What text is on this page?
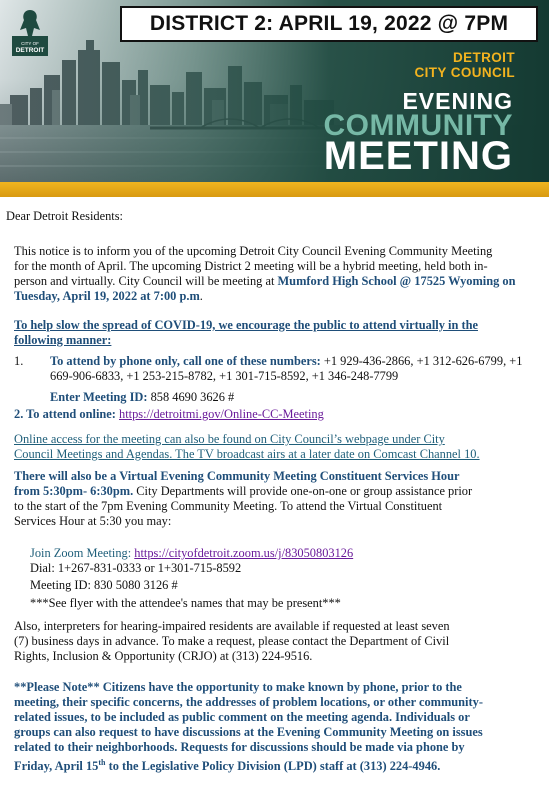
CITY OF
DETROIT
DISTRICT 2: APRIL 19, 2022 @ 7PM
DETROIT
CITY COUNCIL
EVENING
COMMUNITY
MEETING
Dear Detroit Residents:
This notice is to inform you of the upcoming Detroit City Council Evening Community Meeting
for the month of April. The upcoming District 2 meeting will be a hybrid meeting, held both in-
person and virtually. City Council will be meeting at Mumford High School @ 17525 Wyoming on
Tuesday, April 19, 2022 at 7:00 p.m.
To help slow the spread of COVID-19, we encourage the public to attend virtually in the
following manner:
1. To attend by phone only, call one of these numbers: +1 929-436-2866, +1 312-626-6799, +1
669-906-6833, +1 253-215-8782, +1 301-715-8592, +1 346-248-7799
Enter Meeting ID: 858 4690 3626 #
2. To attend online: https://detroitmi.gov/Online-CC-Meeting
Online access for the meeting can also be found on City Council’s webpage under City
Council Meetings and Agendas. The TV broadcast airs at a later date on Comcast Channel 10.
There will also be a Virtual Evening Community Meeting Constituent Services Hour
from 5:30pm- 6:30pm. City Departments will provide one-on-one or group assistance prior
to the start of the 7pm Evening Community Meeting. To attend the Virtual Constituent
Services Hour at 5:30 you may:
Join Zoom Meeting: https://cityofdetroit.zoom.us/j/83050803126
Dial: 1+267-831-0333 or 1+301-715-8592
Meeting ID: 830 5080 3126 #
***See flyer with the attendee's names that may be present***
Also, interpreters for hearing-impaired residents are available if requested at least seven
(7) business days in advance. To make a request, please contact the Department of Civil
Rights, Inclusion & Opportunity (CRJO) at (313) 224-9516.
**Please Note** Citizens have the opportunity to make known by phone, prior to the
meeting, their specific concerns, the addresses of problem locations, or other community-
related issues, to be included as public comment on the meeting agenda. Individuals or
groups can also request to have discussions at the Evening Community Meeting on issues
related to their neighborhoods. Requests for discussions should be made via phone by
Friday, April 15th to the Legislative Policy Division (LPD) staff at (313) 224-4946.
